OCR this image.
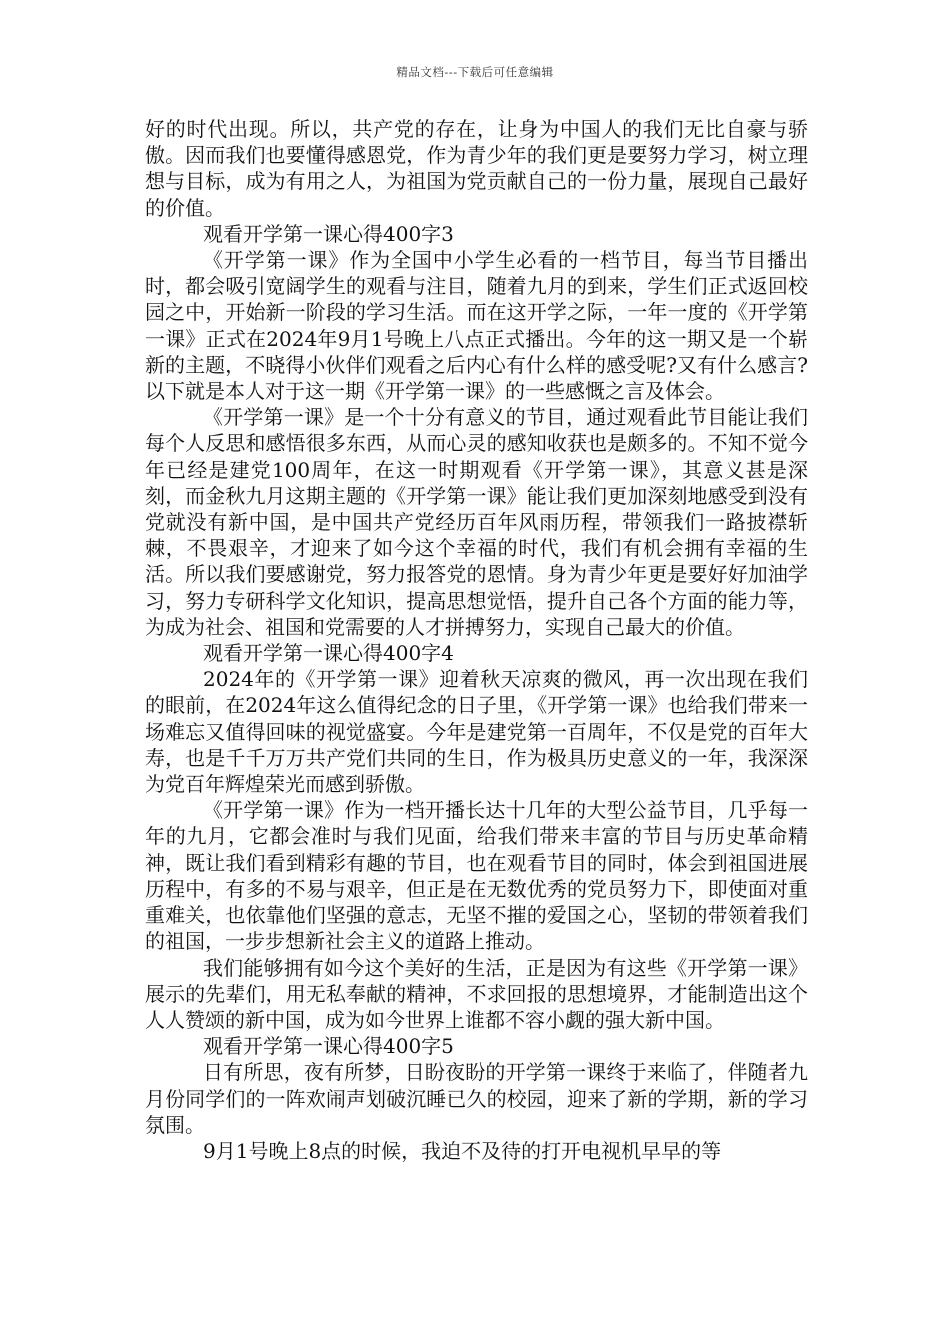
精品文档---下载后可任意编辑

好的时代出现。所以，共产党的存在，让身为中国人的我们无比自豪与骄傲。因而我们也要懂得感恩党，作为青少年的我们更是要努力学习，树立理想与目标，成为有用之人，为祖国为党贡献自己的一份力量，展现自己最好的价值。

观看开学第一课心得400字3

《开学第一课》作为全国中小学生必看的一档节目，每当节目播出时，都会吸引宽阔学生的观看与注目，随着九月的到来，学生们正式返回校园之中，开始新一阶段的学习生活。而在这开学之际，一年一度的《开学第一课》正式在2024年9月1号晚上八点正式播出。今年的这一期又是一个崭新的主题，不晓得小伙伴们观看之后内心有什么样的感受呢?又有什么感言?以下就是本人对于这一期《开学第一课》的一些感慨之言及体会。

《开学第一课》是一个十分有意义的节目，通过观看此节目能让我们每个人反思和感悟很多东西，从而心灵的感知收获也是颇多的。不知不觉今年已经是建党100周年，在这一时期观看《开学第一课》，其意义甚是深刻，而金秋九月这期主题的《开学第一课》能让我们更加深刻地感受到没有党就没有新中国，是中国共产党经历百年风雨历程，带领我们一路披襟斩棘，不畏艰辛，才迎来了如今这个幸福的时代，我们有机会拥有幸福的生活。所以我们要感谢党，努力报答党的恩情。身为青少年更是要好好加油学习，努力专研科学文化知识，提高思想觉悟，提升自己各个方面的能力等，为成为社会、祖国和党需要的人才拼搏努力，实现自己最大的价值。

观看开学第一课心得400字4

2024年的《开学第一课》迎着秋天凉爽的微风，再一次出现在我们的眼前，在2024年这么值得纪念的日子里，《开学第一课》也给我们带来一场难忘又值得回味的视觉盛宴。今年是建党第一百周年，不仅是党的百年大寿，也是千千万万共产党们共同的生日，作为极具历史意义的一年，我深深为党百年辉煌荣光而感到骄傲。

《开学第一课》作为一档开播长达十几年的大型公益节目，几乎每一年的九月，它都会准时与我们见面，给我们带来丰富的节目与历史革命精神，既让我们看到精彩有趣的节目，也在观看节目的同时，体会到祖国进展历程中，有多的不易与艰辛，但正是在无数优秀的党员努力下，即使面对重重难关，也依靠他们坚强的意志，无坚不摧的爱国之心，坚韧的带领着我们的祖国，一步步想新社会主义的道路上推动。

我们能够拥有如今这个美好的生活，正是因为有这些《开学第一课》展示的先辈们，用无私奉献的精神，不求回报的思想境界，才能制造出这个人人赞颂的新中国，成为如今世界上谁都不容小觑的强大新中国。

观看开学第一课心得400字5

日有所思，夜有所梦，日盼夜盼的开学第一课终于来临了，伴随者九月份同学们的一阵欢闹声划破沉睡已久的校园，迎来了新的学期，新的学习氛围。

9月1号晚上8点的时候，我迫不及待的打开电视机早早的等
